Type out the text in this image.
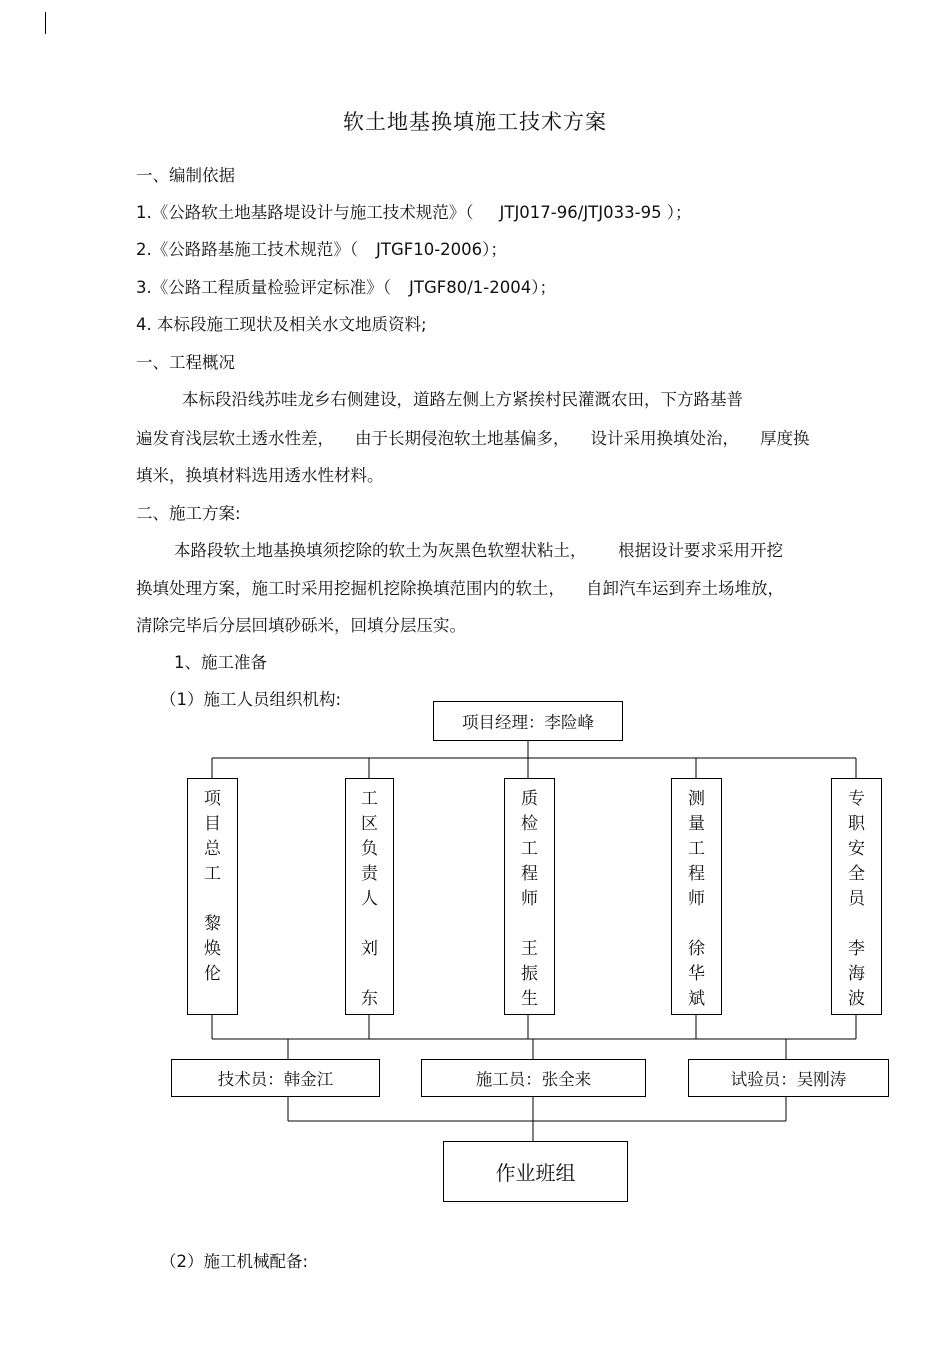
软土地基换填施工技术方案
一、编制依据
1.《公路软土地基路堤设计与施工技术规范》（ JTJ017-96/JTJ033-95 ）；
2.《公路路基施工技术规范》（ JTGF10-2006）；
3.《公路工程质量检验评定标准》（ JTGF80/1-2004）；
4. 本标段施工现状及相关水文地质资料;
一、工程概况
本标段沿线苏哇龙乡右侧建设，道路左侧上方紧挨村民灌溉农田，下方路基普
遍发育浅层软土透水性差，    由于长期侵泡软土地基偏多，    设计采用换填处治，    厚度换
填米，换填材料选用透水性材料。
二、施工方案:
本路段软土地基换填须挖除的软土为灰黑色软塑状粘土，      根据设计要求采用开挖
换填处理方案，施工时采用挖掘机挖除换填范围内的软土，    自卸汽车运到弃土场堆放，
清除完毕后分层回填砂砾米，回填分层压实。
1、施工准备
（1）施工人员组织机构:
项目经理：李险峰
项
目
总
工
黎
焕
伦
工
区
负
责
人
刘
东
质
检
工
程
师
王
振
生
测
量
工
程
师
徐
华
斌
专
职
安
全
员
李
海
波
技术员：韩金江	施工员：张全来	试验员：吴刚涛
作业班组
（2）施工机械配备:
